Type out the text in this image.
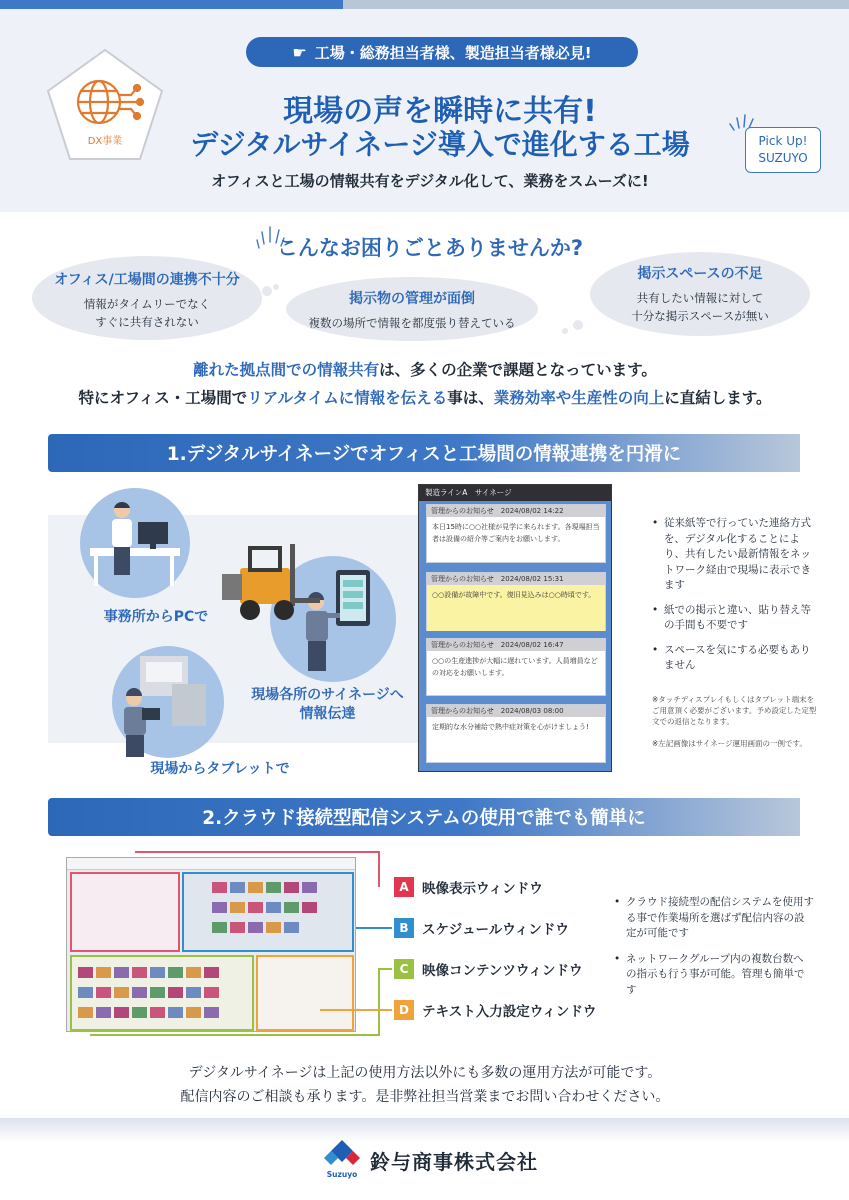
☛ 工場・総務担当者様、製造担当者様必見!
DX事業
現場の声を瞬時に共有!
デジタルサイネージ導入で進化する工場
オフィスと工場の情報共有をデジタル化して、業務をスムーズに!
Pick Up!
SUZUYO
こんなお困りごとありませんか?
オフィス/工場間の連携不十分
情報がタイムリーでなく
すぐに共有されない
掲示物の管理が面倒
複数の場所で情報を都度張り替えている
掲示スペースの不足
共有したい情報に対して
十分な掲示スペースが無い
離れた拠点間での情報共有は、多くの企業で課題となっています。
特にオフィス・工場間でリアルタイムに情報を伝える事は、業務効率や生産性の向上に直結します。
1.デジタルサイネージでオフィスと工場間の情報連携を円滑に
事務所からPCで
現場各所のサイネージへ
情報伝達
現場からタブレットで
製造ラインA　サイネージ
管理からのお知らせ　2024/08/02 14:22
本日15時に○○社様が見学に来られます。各現場担当者は設備の紹介等ご案内をお願いします。
管理からのお知らせ　2024/08/02 15:31
○○設備が故障中です。復旧見込みは○○時頃です。
管理からのお知らせ　2024/08/02 16:47
○○の生産進捗が大幅に遅れています。人員増員などの対応をお願いします。
管理からのお知らせ　2024/08/03 08:00
定期的な水分補給で熱中症対策を心がけましょう!
• 従来紙等で行っていた連絡方式を、デジタル化することにより、共有したい最新情報をネットワーク経由で現場に表示できます
• 紙での掲示と違い、貼り替え等の手間も不要です
• スペースを気にする必要もありません
※タッチディスプレイもしくはタブレット端末をご用意頂く必要がございます。予め設定した定型文での返信となります。
※左記画像はサイネージ運用画面の一例です。
2.クラウド接続型配信システムの使用で誰でも簡単に
A 映像表示ウィンドウ
B スケジュールウィンドウ
C	映像コンテンツウィンドウ
D テキスト入力設定ウィンドウ
• クラウド接続型の配信システムを使用する事で作業場所を選ばず配信内容の設定が可能です
• ネットワークグループ内の複数台数への指示も行う事が可能。管理も簡単です
デジタルサイネージは上記の使用方法以外にも多数の運用方法が可能です。
配信内容のご相談も承ります。是非弊社担当営業までお問い合わせください。
Suzuyo
鈴与商事株式会社
